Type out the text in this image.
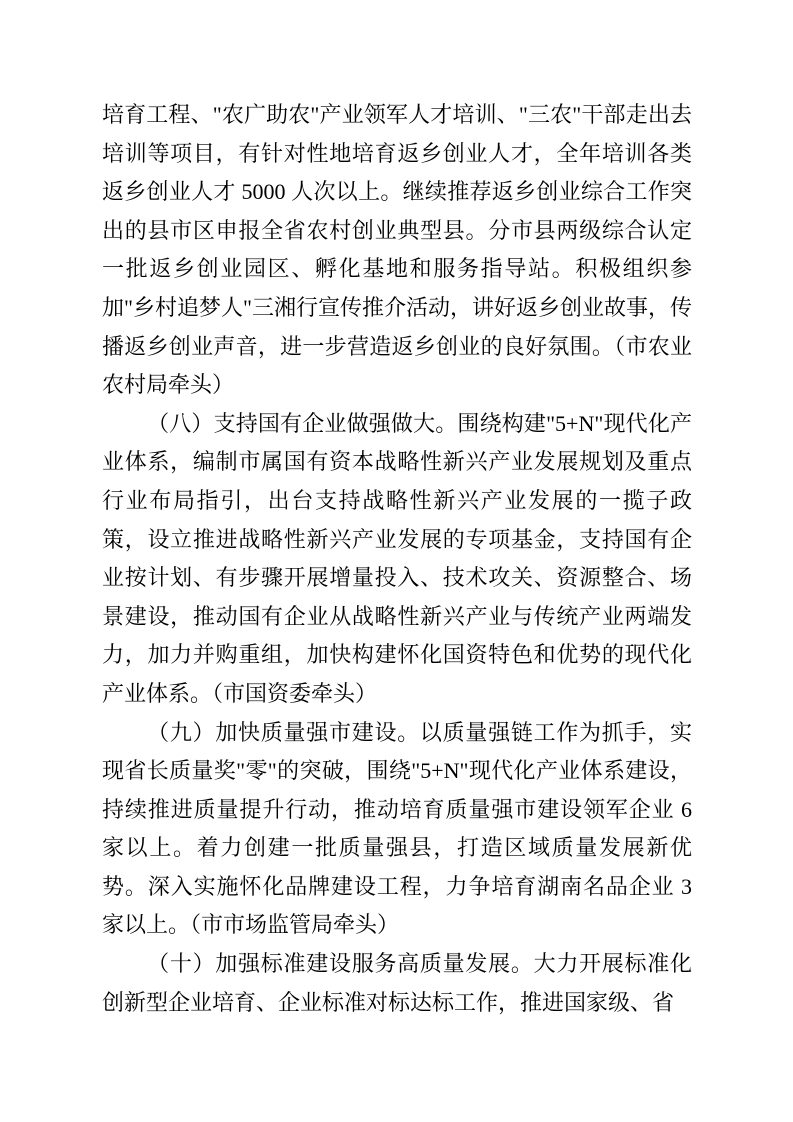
培育工程、"农广助农"产业领军人才培训、"三农"干部走出去培训等项目，有针对性地培育返乡创业人才，全年培训各类返乡创业人才 5000 人次以上。继续推荐返乡创业综合工作突出的县市区申报全省农村创业典型县。分市县两级综合认定一批返乡创业园区、孵化基地和服务指导站。积极组织参加"乡村追梦人"三湘行宣传推介活动，讲好返乡创业故事，传播返乡创业声音，进一步营造返乡创业的良好氛围。（市农业农村局牵头）

（八）支持国有企业做强做大。围绕构建"5+N"现代化产业体系，编制市属国有资本战略性新兴产业发展规划及重点行业布局指引，出台支持战略性新兴产业发展的一揽子政策，设立推进战略性新兴产业发展的专项基金，支持国有企业按计划、有步骤开展增量投入、技术攻关、资源整合、场景建设，推动国有企业从战略性新兴产业与传统产业两端发力，加力并购重组，加快构建怀化国资特色和优势的现代化产业体系。（市国资委牵头）

（九）加快质量强市建设。以质量强链工作为抓手，实现省长质量奖"零"的突破，围绕"5+N"现代化产业体系建设，持续推进质量提升行动，推动培育质量强市建设领军企业 6 家以上。着力创建一批质量强县，打造区域质量发展新优势。深入实施怀化品牌建设工程，力争培育湖南名品企业 3 家以上。（市市场监管局牵头）

（十）加强标准建设服务高质量发展。大力开展标准化创新型企业培育、企业标准对标达标工作，推进国家级、省
